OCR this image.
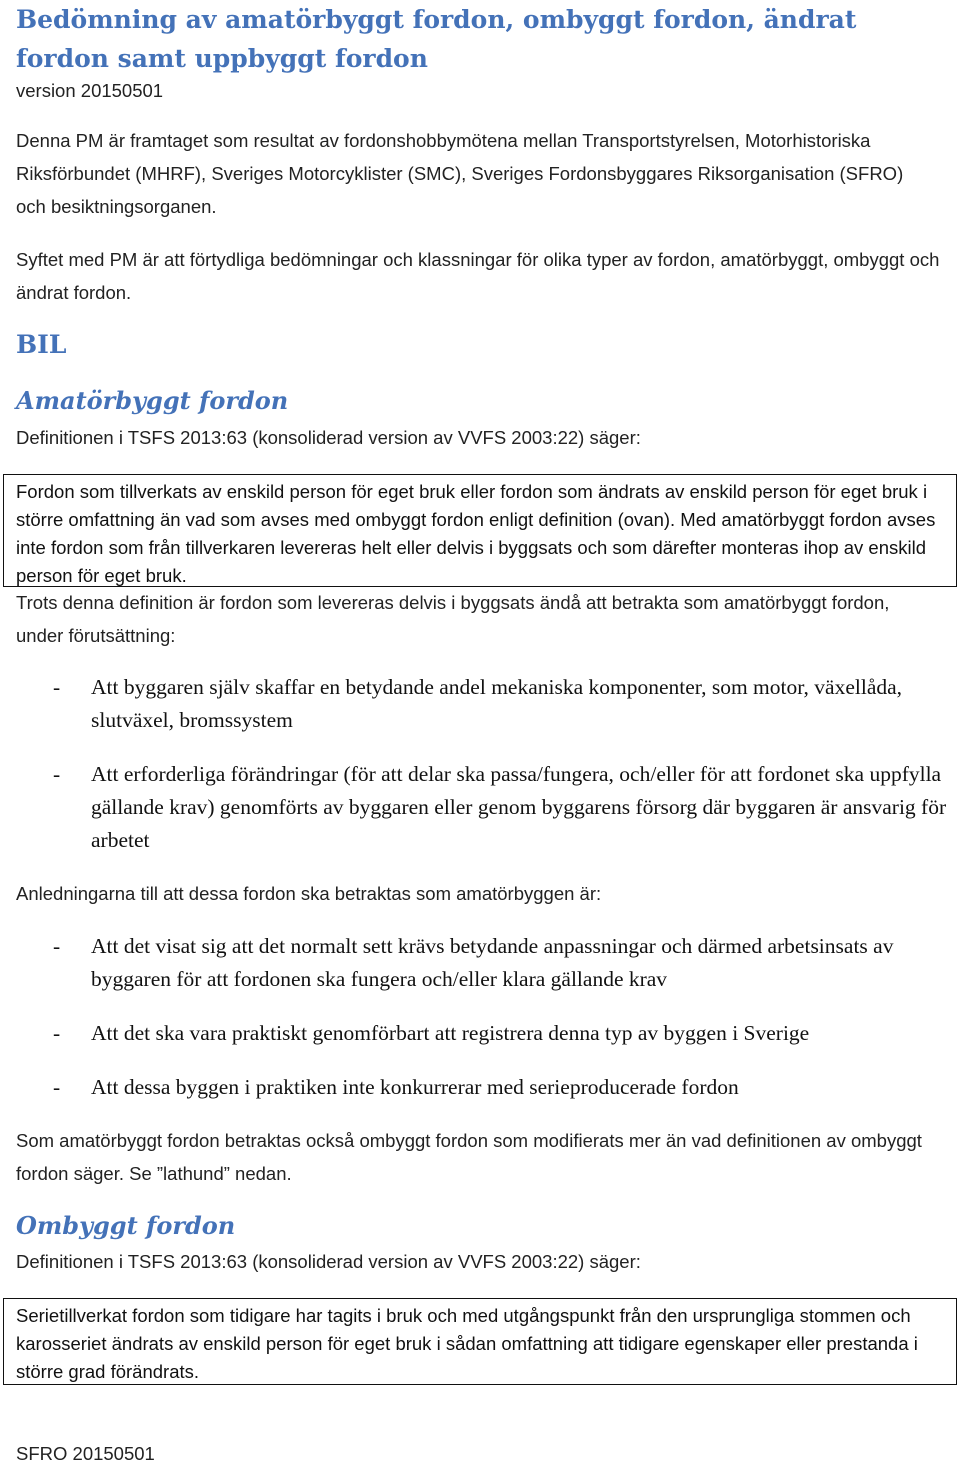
Bedömning av amatörbyggt fordon, ombyggt fordon, ändrat fordon samt uppbyggt fordon
version 20150501

Denna PM är framtaget som resultat av fordonshobbymötena mellan Transportstyrelsen, Motorhistoriska Riksförbundet (MHRF), Sveriges Motorcyklister (SMC), Sveriges Fordonsbyggares Riksorganisation (SFRO) och besiktningsorganen.

Syftet med PM är att förtydliga bedömningar och klassningar för olika typer av fordon, amatörbyggt, ombyggt och ändrat fordon.

BIL
Amatörbyggt fordon
Definitionen i TSFS 2013:63 (konsoliderad version av VVFS 2003:22) säger:
Fordon som tillverkats av enskild person för eget bruk eller fordon som ändrats av enskild person för eget bruk i större omfattning än vad som avses med ombyggt fordon enligt definition (ovan). Med amatörbyggt fordon avses inte fordon som från tillverkaren levereras helt eller delvis i byggsats och som därefter monteras ihop av enskild person för eget bruk.

Trots denna definition är fordon som levereras delvis i byggsats ändå att betrakta som amatörbyggt fordon, under förutsättning:

- Att byggaren själv skaffar en betydande andel mekaniska komponenter, som motor, växellåda, slutväxel, bromssystem
- Att erforderliga förändringar (för att delar ska passa/fungera, och/eller för att fordonet ska uppfylla gällande krav) genomförts av byggaren eller genom byggarens försorg där byggaren är ansvarig för arbetet
Anledningarna till att dessa fordon ska betraktas som amatörbyggen är:
- Att det visat sig att det normalt sett krävs betydande anpassningar och därmed arbetsinsats av byggaren för att fordonen ska fungera och/eller klara gällande krav
- Att det ska vara praktiskt genomförbart att registrera denna typ av byggen i Sverige
- Att dessa byggen i praktiken inte konkurrerar med serieproducerade fordon

Som amatörbyggt fordon betraktas också ombyggt fordon som modifierats mer än vad definitionen av ombyggt fordon säger. Se ”lathund” nedan.

Ombyggt fordon
Definitionen i TSFS 2013:63 (konsoliderad version av VVFS 2003:22) säger:
Serietillverkat fordon som tidigare har tagits i bruk och med utgångspunkt från den ursprungliga stommen och karosseriet ändrats av enskild person för eget bruk i sådan omfattning att tidigare egenskaper eller prestanda i större grad förändrats.
SFRO 20150501
